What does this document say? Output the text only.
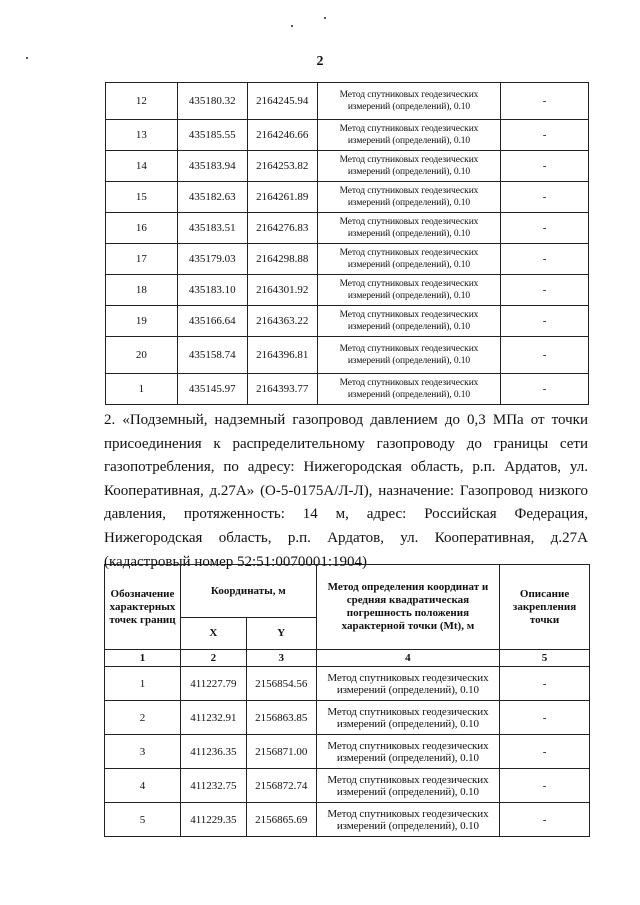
2
12	435180.32	2164245.94	Метод спутниковых геодезических измерений (определений), 0.10	-
13	435185.55	2164246.66	Метод спутниковых геодезических измерений (определений), 0.10	-
14	435183.94	2164253.82	Метод спутниковых геодезических измерений (определений), 0.10	-
15	435182.63	2164261.89	Метод спутниковых геодезических измерений (определений), 0.10	-
16	435183.51	2164276.83	Метод спутниковых геодезических измерений (определений), 0.10	-
17	435179.03	2164298.88	Метод спутниковых геодезических измерений (определений), 0.10	-
18	435183.10	2164301.92	Метод спутниковых геодезических измерений (определений), 0.10	-
19	435166.64	2164363.22	Метод спутниковых геодезических измерений (определений), 0.10	-
20	435158.74	2164396.81	Метод спутниковых геодезических измерений (определений), 0.10	-
1	435145.97	2164393.77	Метод спутниковых геодезических измерений (определений), 0.10	-

2. «Подземный, надземный газопровод давлением до 0,3 МПа от точки присоединения к распределительному газопроводу до границы сети газопотребления, по адресу: Нижегородская область, р.п. Ардатов, ул. Кооперативная, д.27А» (О-5-0175А/Л-Л), назначение: Газопровод низкого давления, протяженность: 14 м, адрес: Российская Федерация, Нижегородская область, р.п. Ардатов, ул. Кооперативная, д.27А (кадастровый номер 52:51:0070001:1904)

Обозначение характерных точек границ	Координаты, м		Метод определения координат и средняя квадратическая погрешность положения характерной точки (Mt), м	Описание закрепления точки
	X	Y		
1	2	3	4	5
1	411227.79	2156854.56	Метод спутниковых геодезических измерений (определений), 0.10	-
2	411232.91	2156863.85	Метод спутниковых геодезических измерений (определений), 0.10	-
3	411236.35	2156871.00	Метод спутниковых геодезических измерений (определений), 0.10	-
4	411232.75	2156872.74	Метод спутниковых геодезических измерений (определений), 0.10	-
5	411229.35	2156865.69	Метод спутниковых геодезических измерений (определений), 0.10	-
